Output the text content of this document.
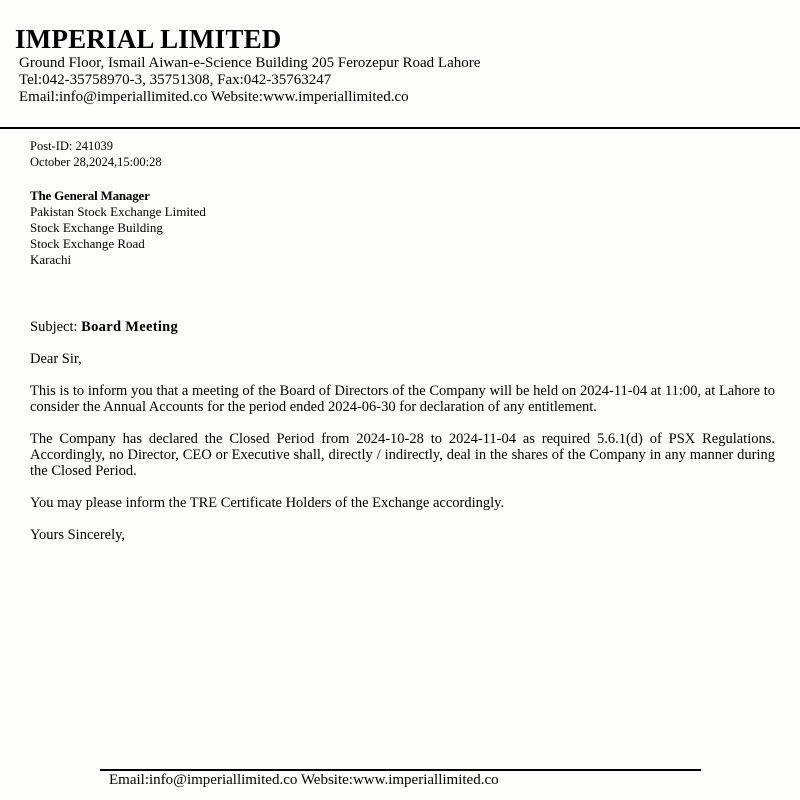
IMPERIAL LIMITED
Ground Floor, Ismail Aiwan-e-Science Building 205 Ferozepur Road Lahore
Tel:042-35758970-3, 35751308, Fax:042-35763247
Email:info@imperiallimited.co Website:www.imperiallimited.co
Post-ID: 241039
October 28,2024,15:00:28
The General Manager
Pakistan Stock Exchange Limited
Stock Exchange Building
Stock Exchange Road
Karachi
Subject: Board Meeting
Dear Sir,
This is to inform you that a meeting of the Board of Directors of the Company will be held on 2024-11-04 at 11:00, at Lahore to consider the Annual Accounts for the period ended 2024-06-30 for declaration of any entitlement.
The Company has declared the Closed Period from 2024-10-28 to 2024-11-04 as required 5.6.1(d) of PSX Regulations. Accordingly, no Director, CEO or Executive shall, directly / indirectly, deal in the shares of the Company in any manner during the Closed Period.
You may please inform the TRE Certificate Holders of the Exchange accordingly.
Yours Sincerely,
Email:info@imperiallimited.co Website:www.imperiallimited.co
